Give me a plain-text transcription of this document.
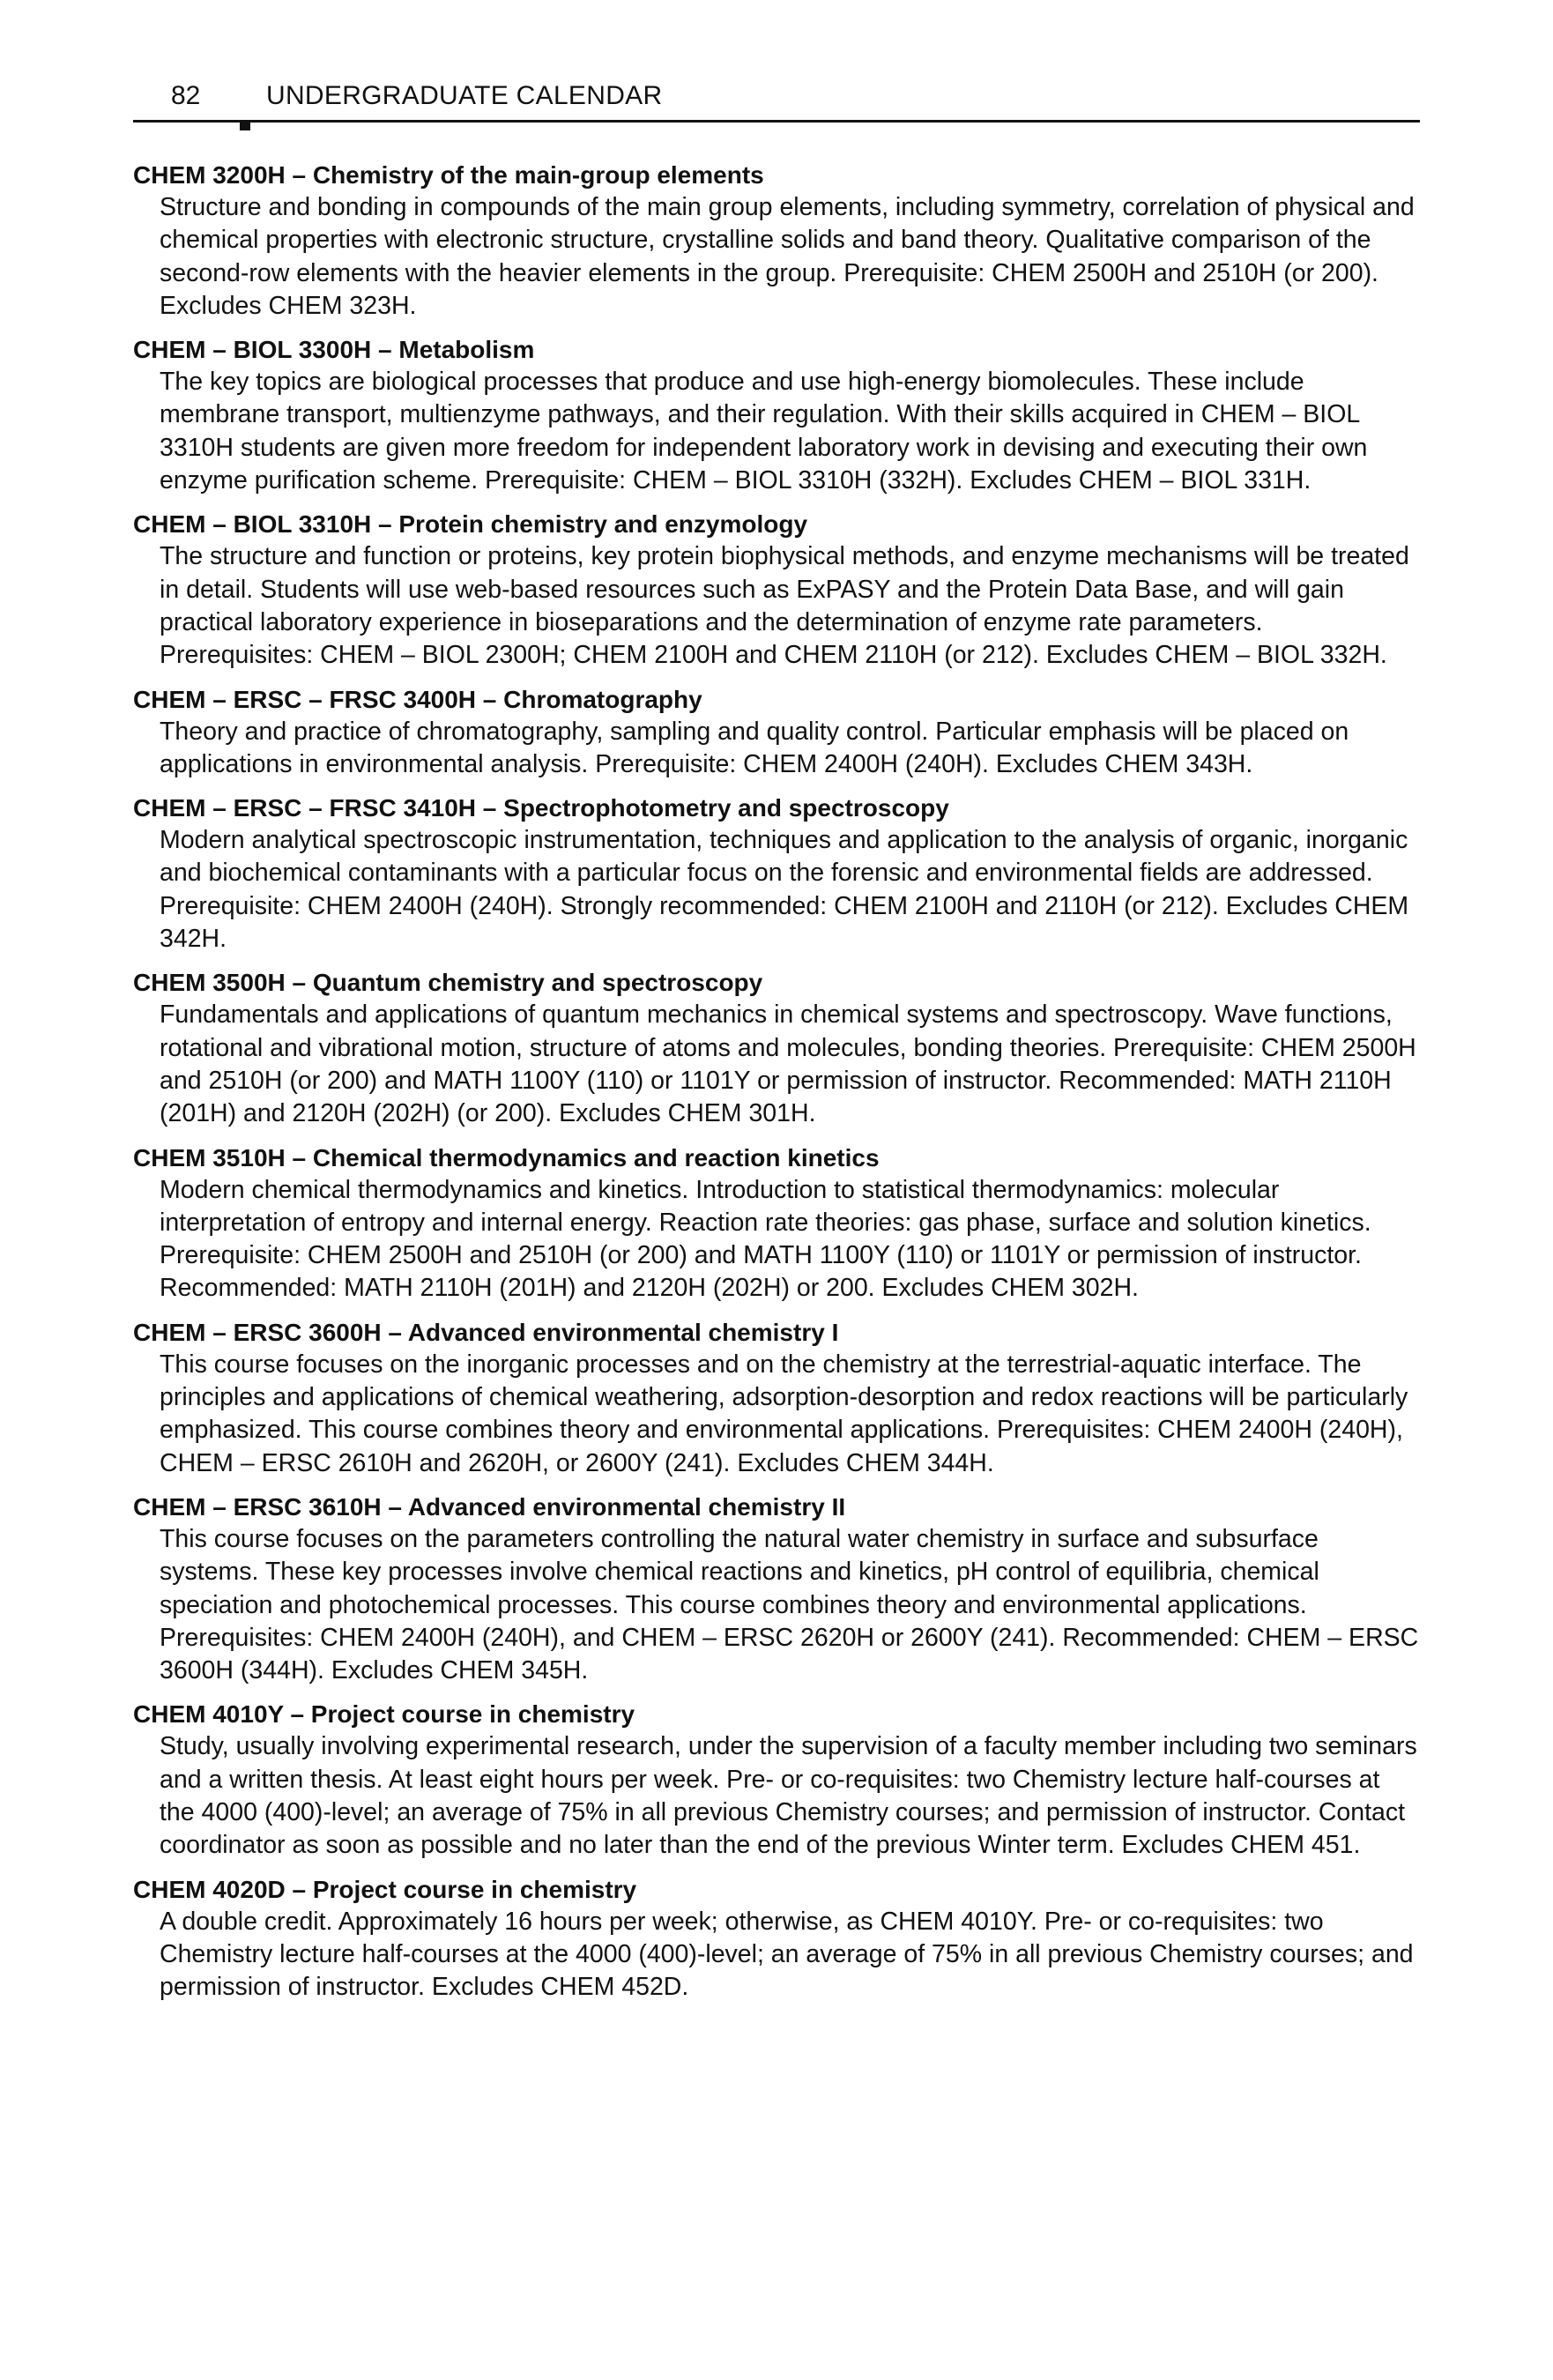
82	UNDERGRADUATE CALENDAR
CHEM 3200H – Chemistry of the main-group elements
Structure and bonding in compounds of the main group elements, including symmetry, correlation of physical and chemical properties with electronic structure, crystalline solids and band theory. Qualitative comparison of the second-row elements with the heavier elements in the group. Prerequisite: CHEM 2500H and 2510H (or 200). Excludes CHEM 323H.
CHEM – BIOL 3300H – Metabolism
The key topics are biological processes that produce and use high-energy biomolecules. These include membrane transport, multienzyme pathways, and their regulation. With their skills acquired in CHEM – BIOL 3310H students are given more freedom for independent laboratory work in devising and executing their own enzyme purification scheme. Prerequisite: CHEM – BIOL 3310H (332H). Excludes CHEM – BIOL 331H.
CHEM – BIOL 3310H – Protein chemistry and enzymology
The structure and function or proteins, key protein biophysical methods, and enzyme mechanisms will be treated in detail. Students will use web-based resources such as ExPASY and the Protein Data Base, and will gain practical laboratory experience in bioseparations and the determination of enzyme rate parameters. Prerequisites: CHEM – BIOL 2300H; CHEM 2100H and CHEM 2110H (or 212). Excludes CHEM – BIOL 332H.
CHEM – ERSC – FRSC 3400H – Chromatography
Theory and practice of chromatography, sampling and quality control. Particular emphasis will be placed on applications in environmental analysis. Prerequisite: CHEM 2400H (240H). Excludes CHEM 343H.
CHEM – ERSC – FRSC 3410H – Spectrophotometry and spectroscopy
Modern analytical spectroscopic instrumentation, techniques and application to the analysis of organic, inorganic and biochemical contaminants with a particular focus on the forensic and environmental fields are addressed. Prerequisite: CHEM 2400H (240H). Strongly recommended: CHEM 2100H and 2110H (or 212). Excludes CHEM 342H.
CHEM 3500H – Quantum chemistry and spectroscopy
Fundamentals and applications of quantum mechanics in chemical systems and spectroscopy. Wave functions, rotational and vibrational motion, structure of atoms and molecules, bonding theories. Prerequisite: CHEM 2500H and 2510H (or 200) and MATH 1100Y (110) or 1101Y or permission of instructor. Recommended: MATH 2110H (201H) and 2120H (202H) (or 200). Excludes CHEM 301H.
CHEM 3510H – Chemical thermodynamics and reaction kinetics
Modern chemical thermodynamics and kinetics. Introduction to statistical thermodynamics: molecular interpretation of entropy and internal energy. Reaction rate theories: gas phase, surface and solution kinetics. Prerequisite: CHEM 2500H and 2510H (or 200) and MATH 1100Y (110) or 1101Y or permission of instructor. Recommended: MATH 2110H (201H) and 2120H (202H) or 200. Excludes CHEM 302H.
CHEM – ERSC 3600H – Advanced environmental chemistry I
This course focuses on the inorganic processes and on the chemistry at the terrestrial-aquatic interface. The principles and applications of chemical weathering, adsorption-desorption and redox reactions will be particularly emphasized. This course combines theory and environmental applications. Prerequisites: CHEM 2400H (240H), CHEM – ERSC 2610H and 2620H, or 2600Y (241). Excludes CHEM 344H.
CHEM – ERSC 3610H – Advanced environmental chemistry II
This course focuses on the parameters controlling the natural water chemistry in surface and subsurface systems. These key processes involve chemical reactions and kinetics, pH control of equilibria, chemical speciation and photochemical processes. This course combines theory and environmental applications. Prerequisites: CHEM 2400H (240H), and CHEM – ERSC 2620H or 2600Y (241). Recommended: CHEM – ERSC 3600H (344H). Excludes CHEM 345H.
CHEM 4010Y – Project course in chemistry
Study, usually involving experimental research, under the supervision of a faculty member including two seminars and a written thesis. At least eight hours per week. Pre- or co-requisites: two Chemistry lecture half-courses at the 4000 (400)-level; an average of 75% in all previous Chemistry courses; and permission of instructor. Contact coordinator as soon as possible and no later than the end of the previous Winter term. Excludes CHEM 451.
CHEM 4020D – Project course in chemistry
A double credit. Approximately 16 hours per week; otherwise, as CHEM 4010Y. Pre- or co-requisites: two Chemistry lecture half-courses at the 4000 (400)-level; an average of 75% in all previous Chemistry courses; and permission of instructor. Excludes CHEM 452D.
